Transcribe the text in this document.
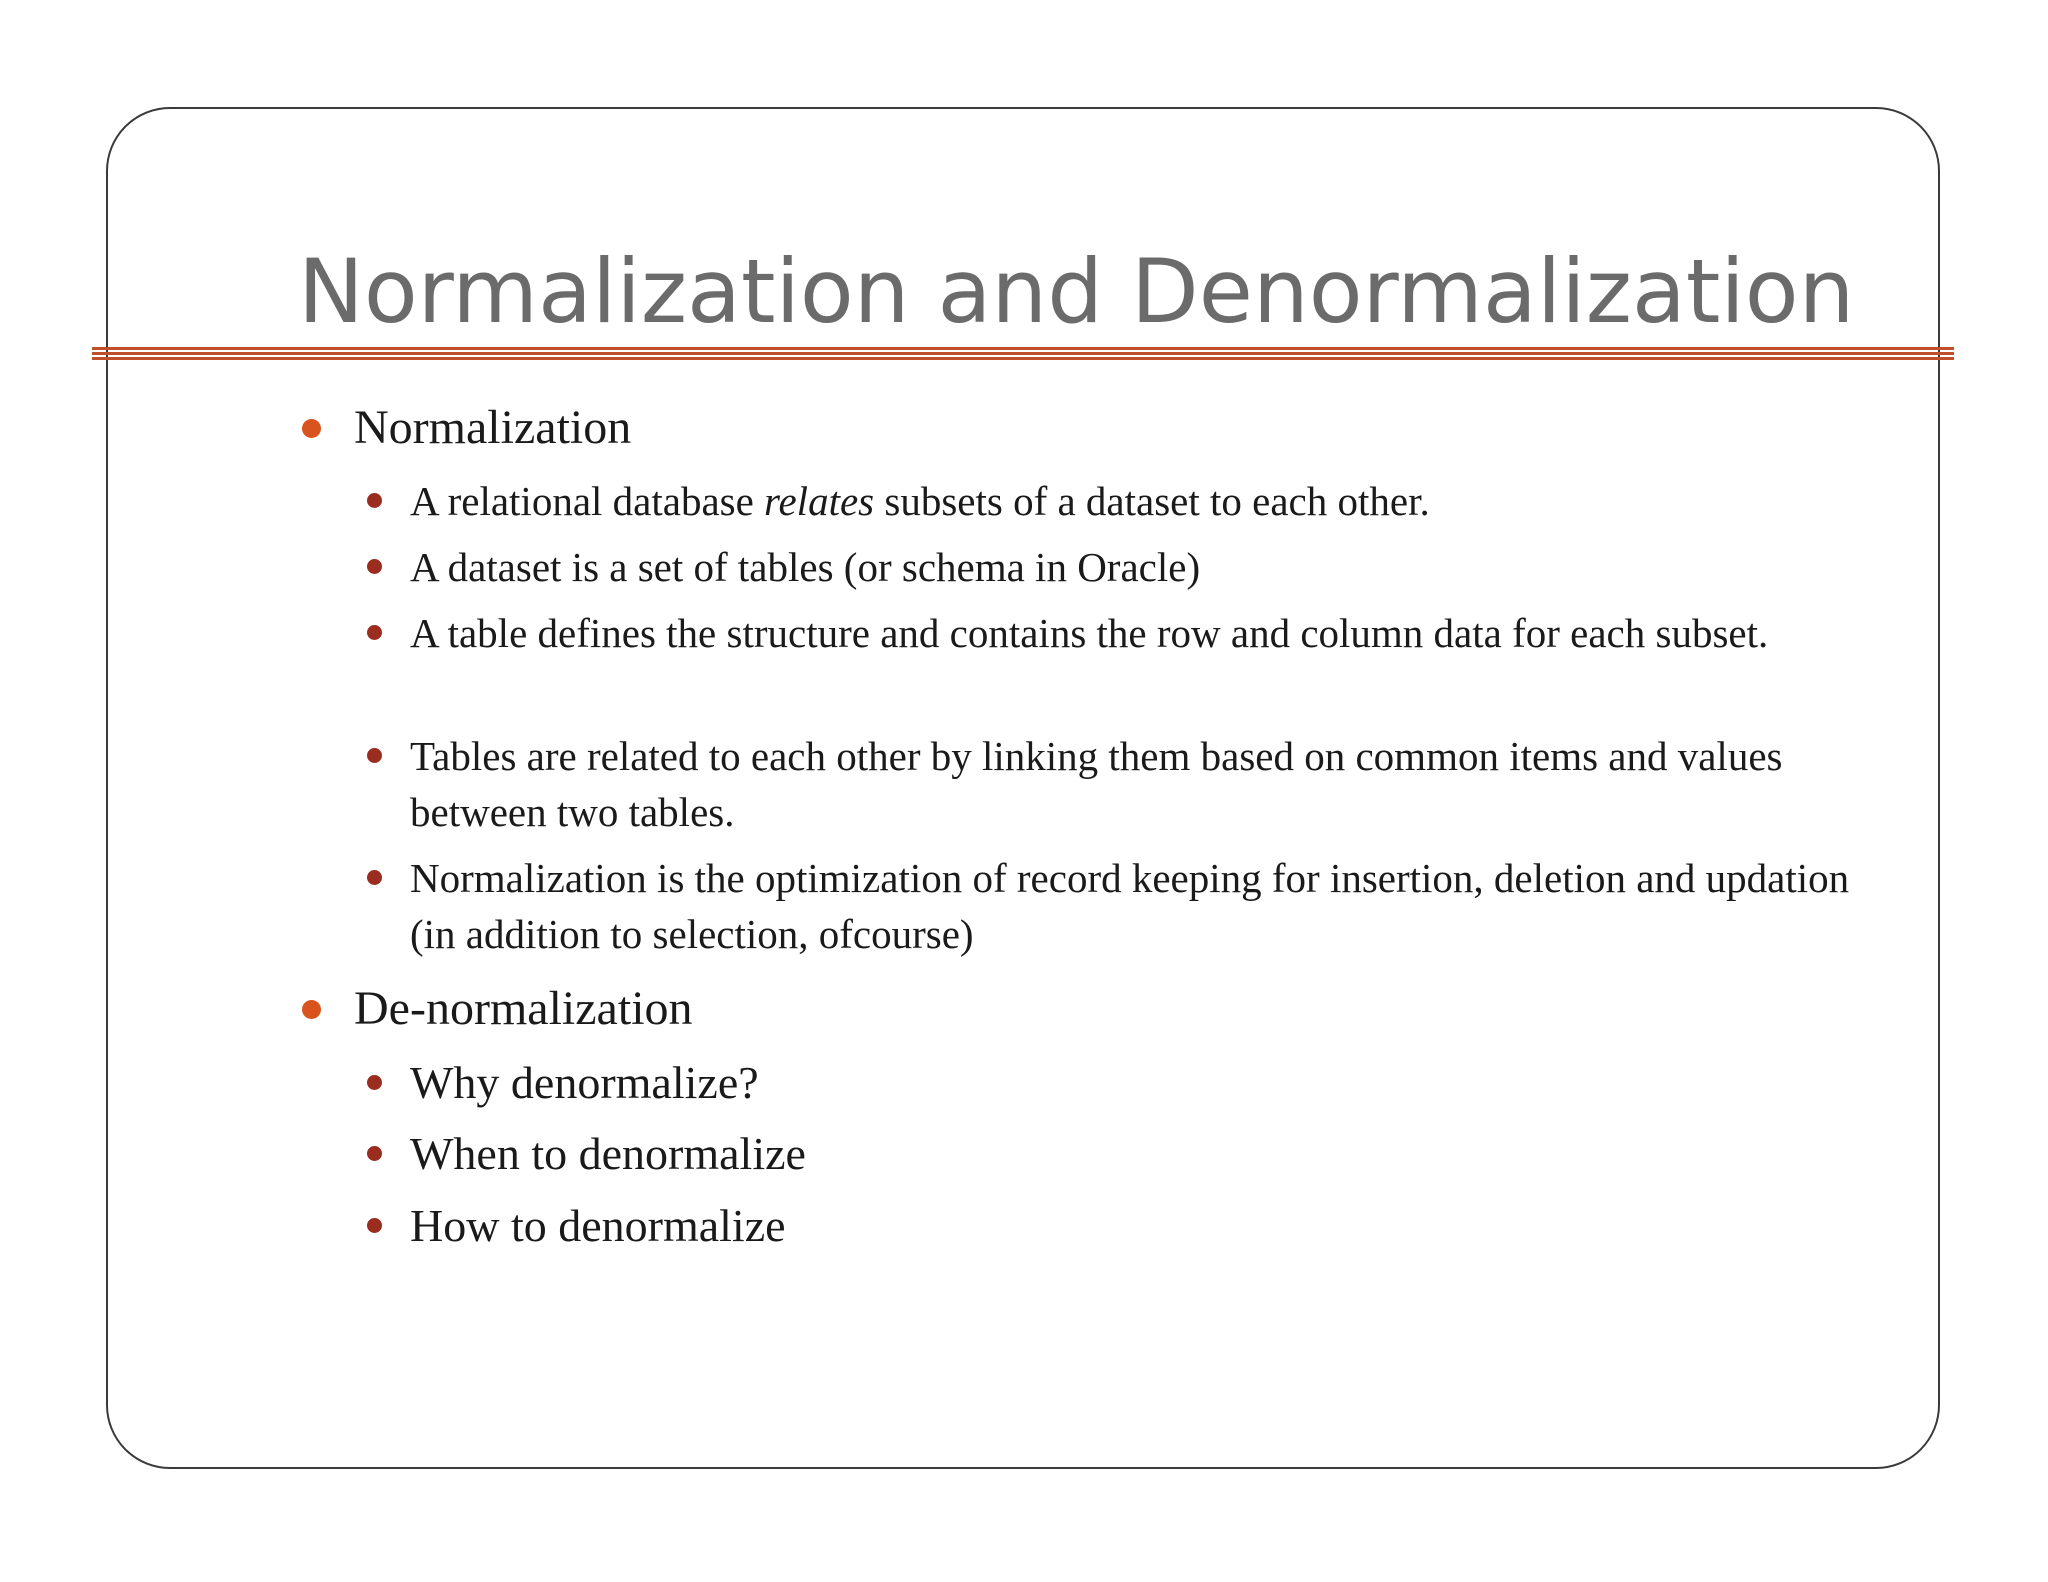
Normalization and Denormalization
Normalization
A relational database relates subsets of a dataset to each other.
A dataset is a set of tables (or schema in Oracle)
A table defines the structure and contains the row and column data for each subset.
Tables are related to each other by linking them based on common items and values between two tables.
Normalization is the optimization of record keeping for insertion, deletion and updation (in addition to selection, ofcourse)
De-normalization
Why denormalize?
When to denormalize
How to denormalize
